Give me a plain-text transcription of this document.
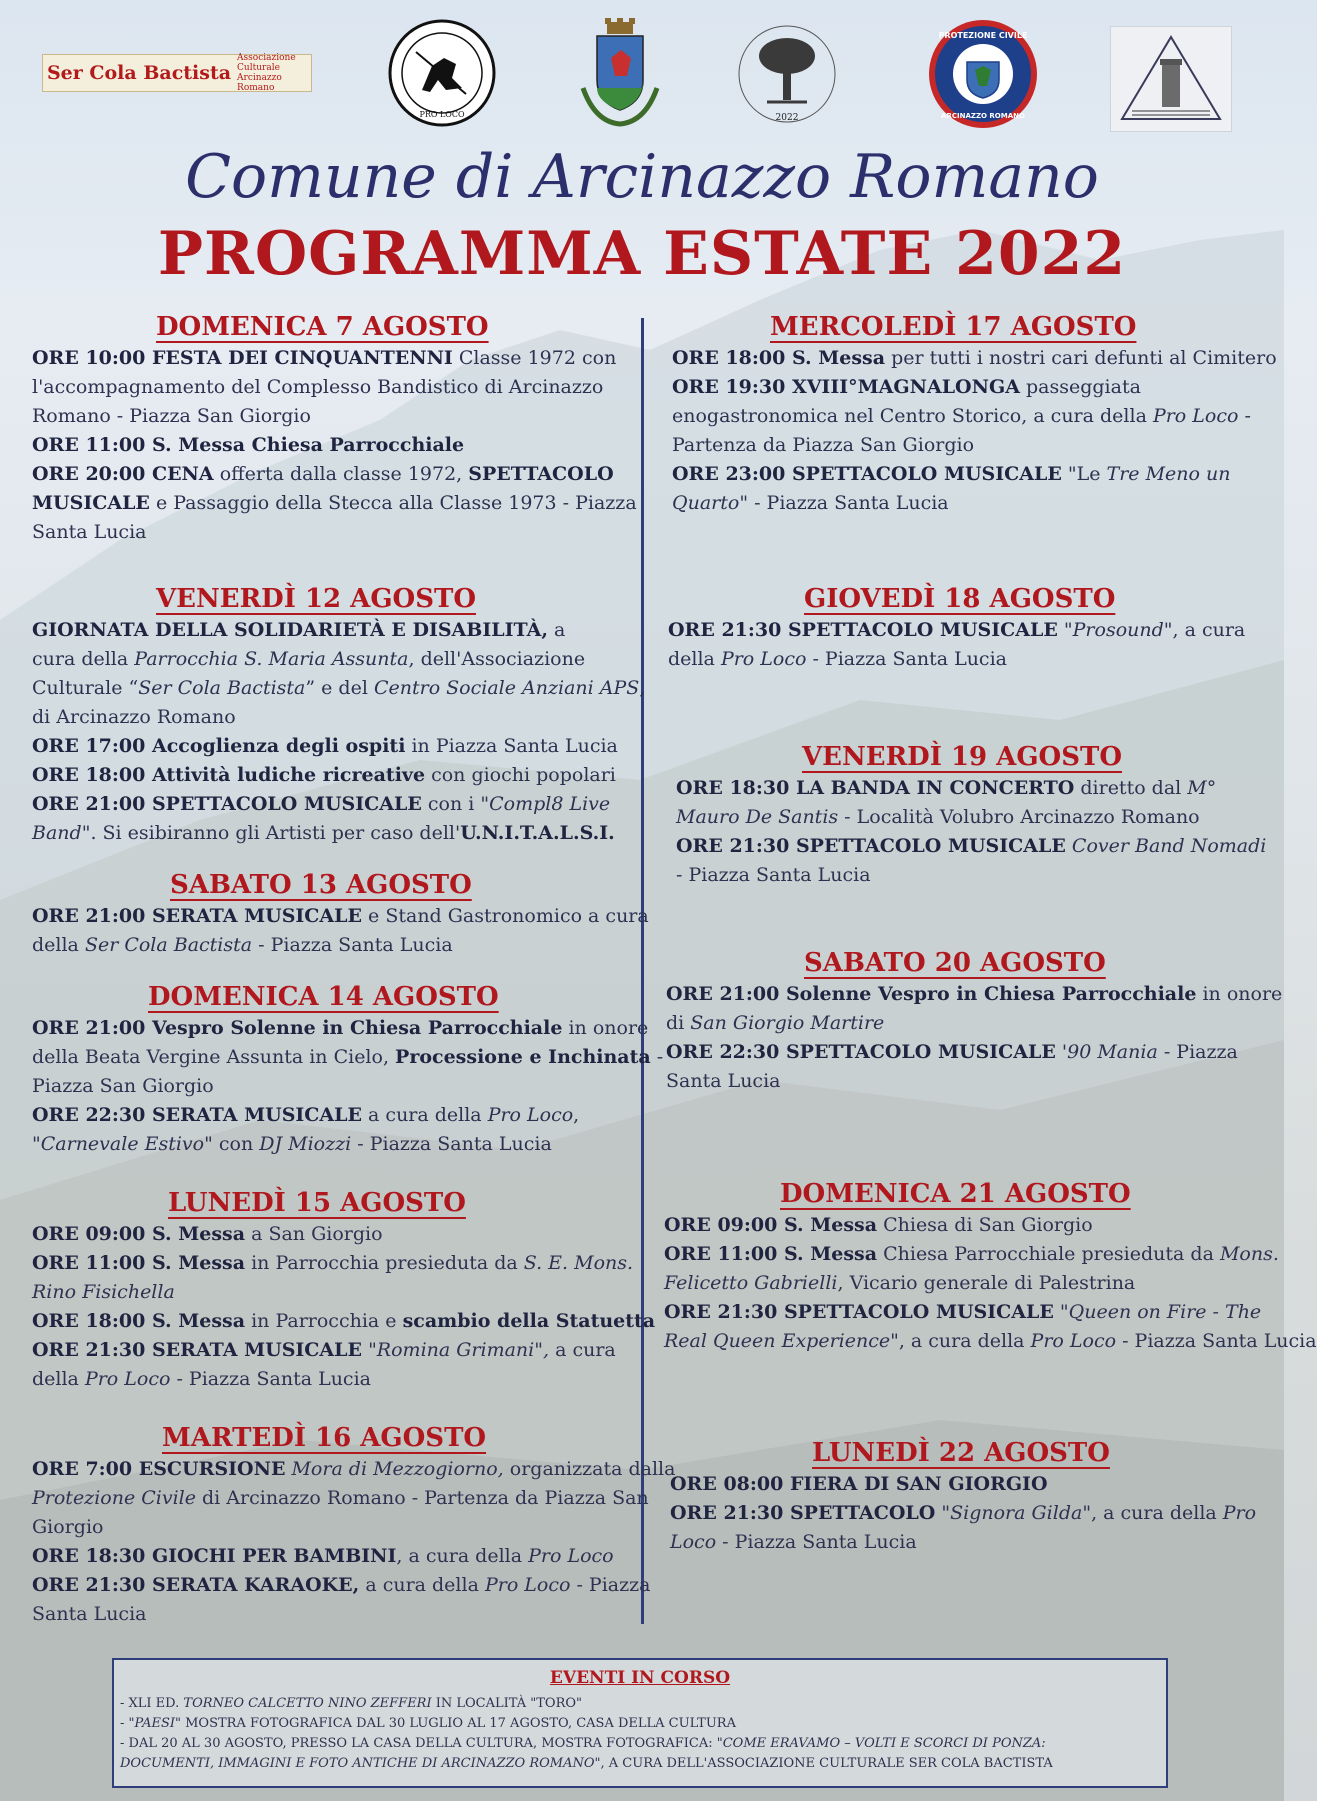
Ser Cola Bactista
Associazione Culturale Arcinazzo Romano
PRO LOCO	2022
PROTEZIONE CIVILE
ARCINAZZO ROMANO
Comune di Arcinazzo Romano
PROGRAMMA ESTATE 2022
DOMENICA 7 AGOSTO
ORE 10:00 FESTA DEI CINQUANTENNI Classe 1972 con
l'accompagnamento del Complesso Bandistico di Arcinazzo
Romano - Piazza San Giorgio
ORE 11:00 S. Messa Chiesa Parrocchiale
ORE 20:00 CENA offerta dalla classe 1972, SPETTACOLO
MUSICALE e Passaggio della Stecca alla Classe 1973 - Piazza
Santa Lucia
VENERDÌ 12 AGOSTO
GIORNATA DELLA SOLIDARIETÀ E DISABILITÀ, a
cura della Parrocchia S. Maria Assunta, dell'Associazione
Culturale “Ser Cola Bactista” e del Centro Sociale Anziani APS,
di Arcinazzo Romano
ORE 17:00 Accoglienza degli ospiti in Piazza Santa Lucia
ORE 18:00 Attività ludiche ricreative con giochi popolari
ORE 21:00 SPETTACOLO MUSICALE con i "Compl8 Live
Band". Si esibiranno gli Artisti per caso dell'U.N.I.T.A.L.S.I.
SABATO 13 AGOSTO
ORE 21:00 SERATA MUSICALE e Stand Gastronomico a cura
della Ser Cola Bactista - Piazza Santa Lucia
DOMENICA 14 AGOSTO
ORE 21:00 Vespro Solenne in Chiesa Parrocchiale in onore
della Beata Vergine Assunta in Cielo, Processione e Inchinata -
Piazza San Giorgio
ORE 22:30 SERATA MUSICALE a cura della Pro Loco,
"Carnevale Estivo" con DJ Miozzi - Piazza Santa Lucia
LUNEDÌ 15 AGOSTO
ORE 09:00 S. Messa a San Giorgio
ORE 11:00 S. Messa in Parrocchia presieduta da S. E. Mons.
Rino Fisichella
ORE 18:00 S. Messa in Parrocchia e scambio della Statuetta
ORE 21:30 SERATA MUSICALE "Romina Grimani", a cura
della Pro Loco - Piazza Santa Lucia
MARTEDÌ 16 AGOSTO
ORE 7:00 ESCURSIONE Mora di Mezzogiorno, organizzata dalla
Protezione Civile di Arcinazzo Romano - Partenza da Piazza San
Giorgio
ORE 18:30 GIOCHI PER BAMBINI, a cura della Pro Loco
ORE 21:30 SERATA KARAOKE, a cura della Pro Loco - Piazza
Santa Lucia
MERCOLEDÌ 17 AGOSTO
ORE 18:00 S. Messa per tutti i nostri cari defunti al Cimitero
ORE 19:30 XVIII°MAGNALONGA passeggiata
enogastronomica nel Centro Storico, a cura della Pro Loco -
Partenza da Piazza San Giorgio
ORE 23:00 SPETTACOLO MUSICALE "Le Tre Meno un
Quarto" - Piazza Santa Lucia
GIOVEDÌ 18 AGOSTO
ORE 21:30 SPETTACOLO MUSICALE "Prosound", a cura
della Pro Loco - Piazza Santa Lucia
VENERDÌ 19 AGOSTO
ORE 18:30 LA BANDA IN CONCERTO diretto dal M°
Mauro De Santis - Località Volubro Arcinazzo Romano
ORE 21:30 SPETTACOLO MUSICALE Cover Band Nomadi
- Piazza Santa Lucia
SABATO 20 AGOSTO
ORE 21:00 Solenne Vespro in Chiesa Parrocchiale in onore
di San Giorgio Martire
ORE 22:30 SPETTACOLO MUSICALE '90 Mania - Piazza
Santa Lucia
DOMENICA 21 AGOSTO
ORE 09:00 S. Messa Chiesa di San Giorgio
ORE 11:00 S. Messa Chiesa Parrocchiale presieduta da Mons.
Felicetto Gabrielli, Vicario generale di Palestrina
ORE 21:30 SPETTACOLO MUSICALE "Queen on Fire - The
Real Queen Experience", a cura della Pro Loco - Piazza Santa Lucia
LUNEDÌ 22 AGOSTO
ORE 08:00 FIERA DI SAN GIORGIO
ORE 21:30 SPETTACOLO "Signora Gilda", a cura della Pro
Loco - Piazza Santa Lucia
EVENTI IN CORSO
- XLI ED. TORNEO CALCETTO NINO ZEFFERI IN LOCALITÀ "TORO"
- "PAESI" MOSTRA FOTOGRAFICA DAL 30 LUGLIO AL 17 AGOSTO, CASA DELLA CULTURA
- DAL 20 AL 30 AGOSTO, PRESSO LA CASA DELLA CULTURA, MOSTRA FOTOGRAFICA: "COME ERAVAMO – VOLTI E SCORCI DI PONZA:
DOCUMENTI, IMMAGINI E FOTO ANTICHE DI ARCINAZZO ROMANO", A CURA DELL'ASSOCIAZIONE CULTURALE SER COLA BACTISTA
